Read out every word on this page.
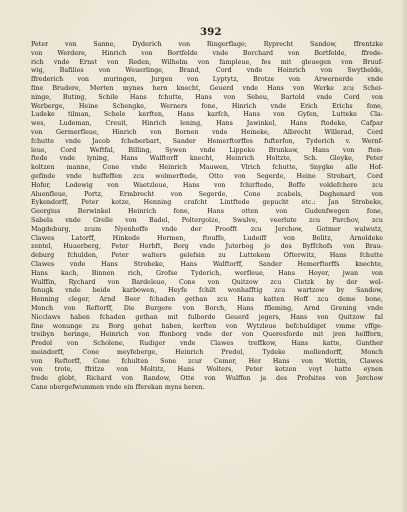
392
Peter von Sanne, Dyderich von Ringerflage; Ryprecht Sandow, ffrentzke
von Werdere, Hinrich von Bortfelde vnde Borchard von Bortfelde, ffrede-
rich vnde Ernst von Reden, Wilhelm von fampleue, fes mit gleuegen von Bruuf-
wig, Bafilies von Weuerlinge, Brand, Cord vnde Heinrich von Swythelde,
ffrederich von muringen, Jurgen von Lyptytz, Brotze von Arwernerde vnde
fine Brudere, Merten mynes hern knecht, Geuerd vnde Hans von Werke zcu Schei-
ninge, Buting, Schile Hans fchutte, Hans von Sebeu, Bartold vnde Cord von
Werberge, Heine Schengke, Werners fone, Hinrich vnde Erich Erichs fone,
Ludeke tilman, Schele kerften, Hans karfch, Hans von Gyfen, Lutteke Cla-
wes, Ludeman, Creuit, Hinrich lening, Hans Jawinkel, Hans ftodeke, Cafpar
von Germerfleue, Hinrich von Bornen vnde Heineke, Albrecht Willerad, Cord
fchutte vnde Jacob fcheberbart, Sander Hemerftorffes fufterfon, Tyderich v. Wernf-
leue, Cord Weftfal, Billing, Sywen vnde Lippeke Brunkaw, Hans von ften-
ftede vnde lyning, Hans Walftorff knecht, Heinrich Holtzte, Sch. Gleyke, Peter
koltzen manne, Cone vnde Heinrich Mauwen, Vlrich fchutte, Snygke alle Hof-
gefinde vnde huffeffen zcu wolmerftede, Otto von Segerde, Heine Strobart, Cord
Hofer, Lodewig von Waetzleue, Hans von fchirftede, Boffe voldefchere zcu
Aluenfleue, Portz, Ermbrecht von Segerde, Cone zcabels, Deghenard von
Eykendorff, Peter kotze, Henning crafcht Lintftede gepucht etc.: Jan Strobeke,
Georgius Berwinkel Heinrich fone, Hans otten von Gudenfwegen fone,
Sabela vnde Grelle von Badel, Poltergolze, Swalve, veerlute zcu Parchov, zcu
Magdeburg, zcum Nyenhoffe vnde der Proofft zcu Jerchow, Gotmer walwutz,
Clawes Latorff, Hinkede Hermen, ftouffe, Ludeiff von Belitz, Arnoldeke
zentel, Huuerberg, Peter Herbft, Borg vnde Juterbog jo des Byffchofs von Brau-
deburg fchulden, Peter walters gelefsin zu Luttekem Ofterwitz, Hans fchutte
Clawes vnde Hans Strobeke, Hans Walftorff, Sander Hemerftorffs knechte,
Hans kach, Binnen rich, Grofse Tyderich, werfleue, Hans Hoyer, jwan von
Wulffin, Rychard von Bardeleue, Cone von Quitzow zcu Cletzk by der wel-
fenugk vnde beide karbowen, Heyfe fchilt wonhafftig zcu wartzow by Sandow,
Henning cleger, Arnd Beer fchaden gethan zcu Hans katten Hoff zcu deme bone,
Monch von Reftorff, Die Burgere von Borch, Hans ffleming, Arnd Grening vnde
Nicclaws haben fchaden gethan mit fulborde Geuerd jegers, Hans von Quitzow fal
fine wonunge zu Borg gehat haben, kerften von Wytzleue befchuldiget vmme vffge-
treibyn heringe, Heinrich von ffenborg vnde der von Queresforde mit jren helffern,
Predol von Scholene, Rudiger vnde Clawes treffkow, Hans katte, Gunther
meindorff, Cone meyfeberge, Heinrich Predol, Tydeke mollendorff, Monch
von Reftorff, Cone fchulten Sone zcur Cemer, Her Hans von Wettin, Clawes
von trote, ffritze von Moltitz, Hans Wolters, Peter kotzen voyt hatte eynen
frede globt, Richard von Randow, Otte von Wulffen ja des Profsites von Jerchow
Cane obergefwummen vnde ein fferekan myns heren.
